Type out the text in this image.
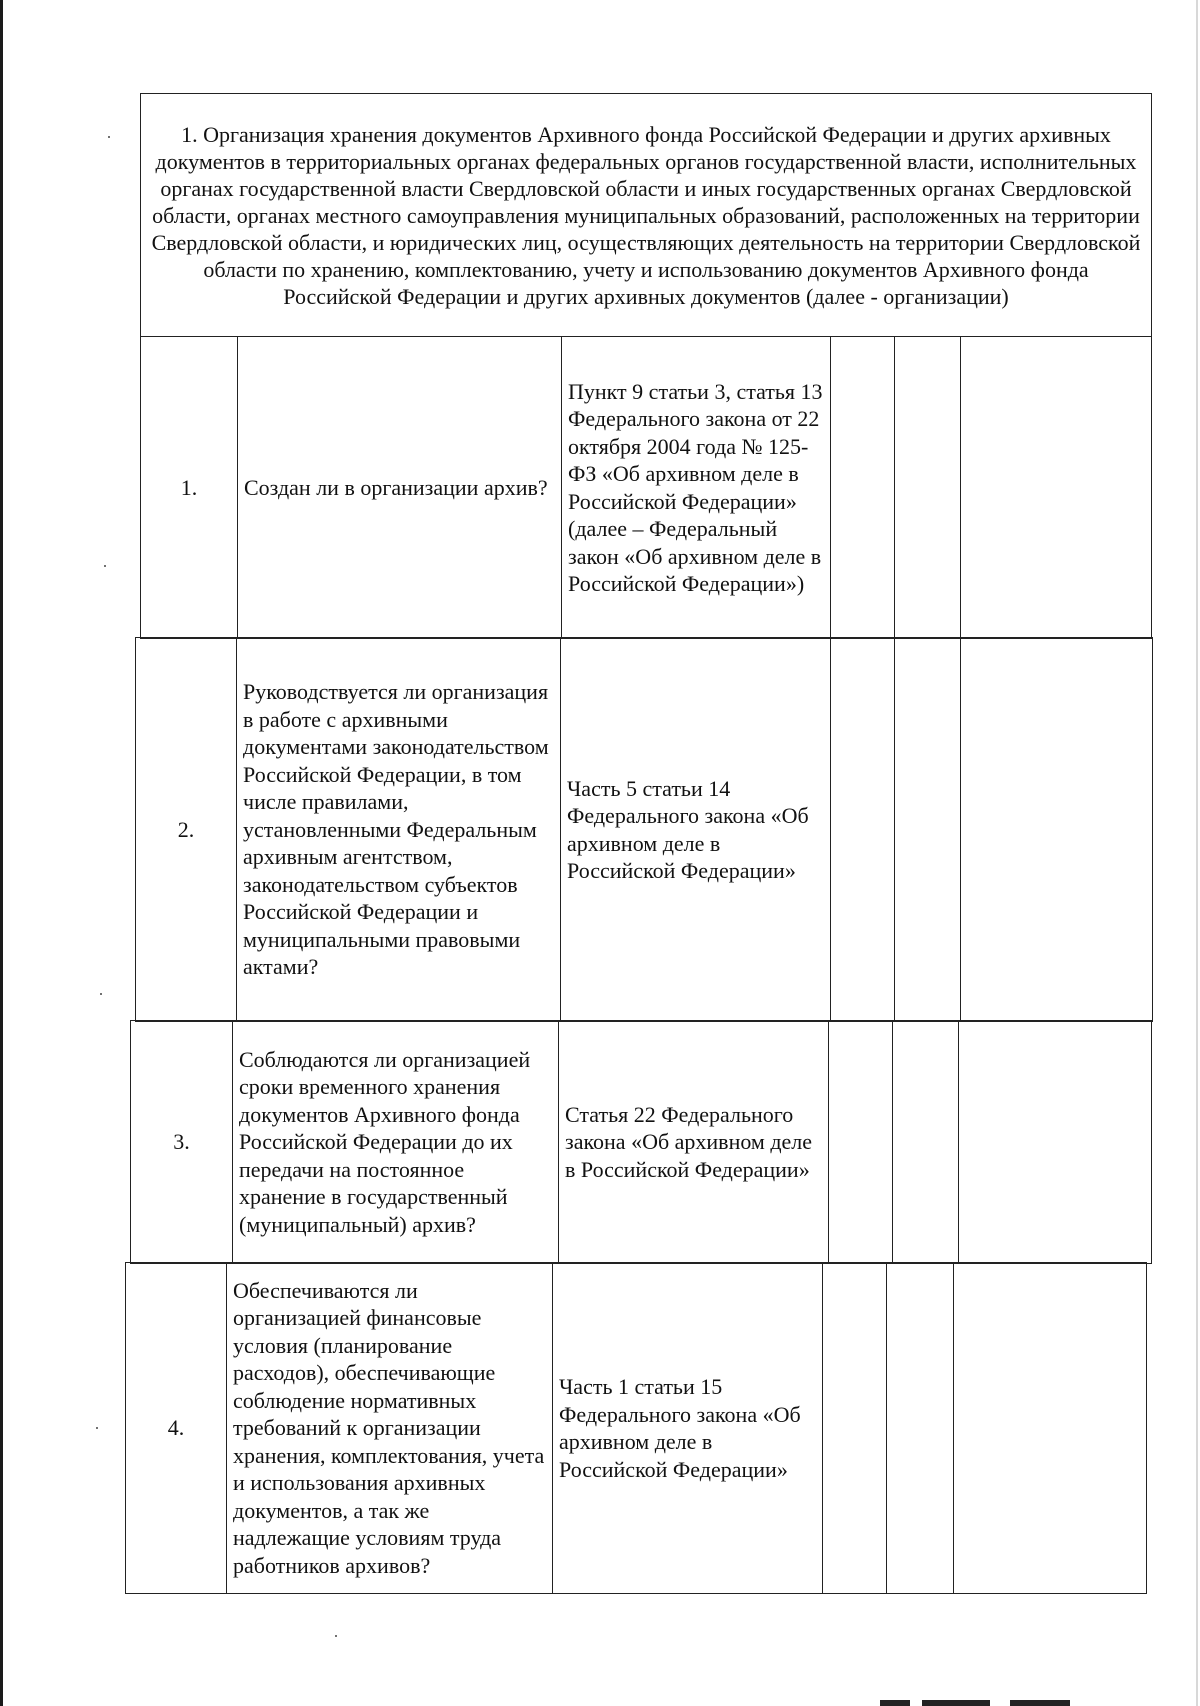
1. Организация хранения документов Архивного фонда Российской Федерации и других архивных документов в территориальных органах федеральных органов государственной власти, исполнительных органах государственной власти Свердловской области и иных государственных органах Свердловской области, органах местного самоуправления муниципальных образований, расположенных на территории Свердловской области, и юридических лиц, осуществляющих деятельность на территории Свердловской области по хранению, комплектованию, учету и использованию документов Архивного фонда Российской Федерации и других архивных документов (далее - организации)
1.	Создан ли в организации архив?	Пункт 9 статьи 3, статья 13 Федерального закона от 22 октября 2004 года № 125-ФЗ «Об архивном деле в Российской Федерации» (далее – Федеральный закон «Об архивном деле в Российской Федерации»)			
2.	Руководствуется ли организация в работе с архивными документами законодательством Российской Федерации, в том числе правилами, установленными Федеральным архивным агентством, законодательством субъектов Российской Федерации и муниципальными правовыми актами?	Часть 5 статьи 14 Федерального закона «Об архивном деле в Российской Федерации»			
3.	Соблюдаются ли организацией сроки временного хранения документов Архивного фонда Российской Федерации до их передачи на постоянное хранение в государственный (муниципальный) архив?	Статья 22 Федерального закона «Об архивном деле в Российской Федерации»			
4.	Обеспечиваются ли организацией финансовые условия (планирование расходов), обеспечивающие соблюдение нормативных требований к организации хранения, комплектования, учета и использования архивных документов, а так же надлежащие условиям труда работников архивов?	Часть 1 статьи 15 Федерального закона «Об архивном деле в Российской Федерации»			
